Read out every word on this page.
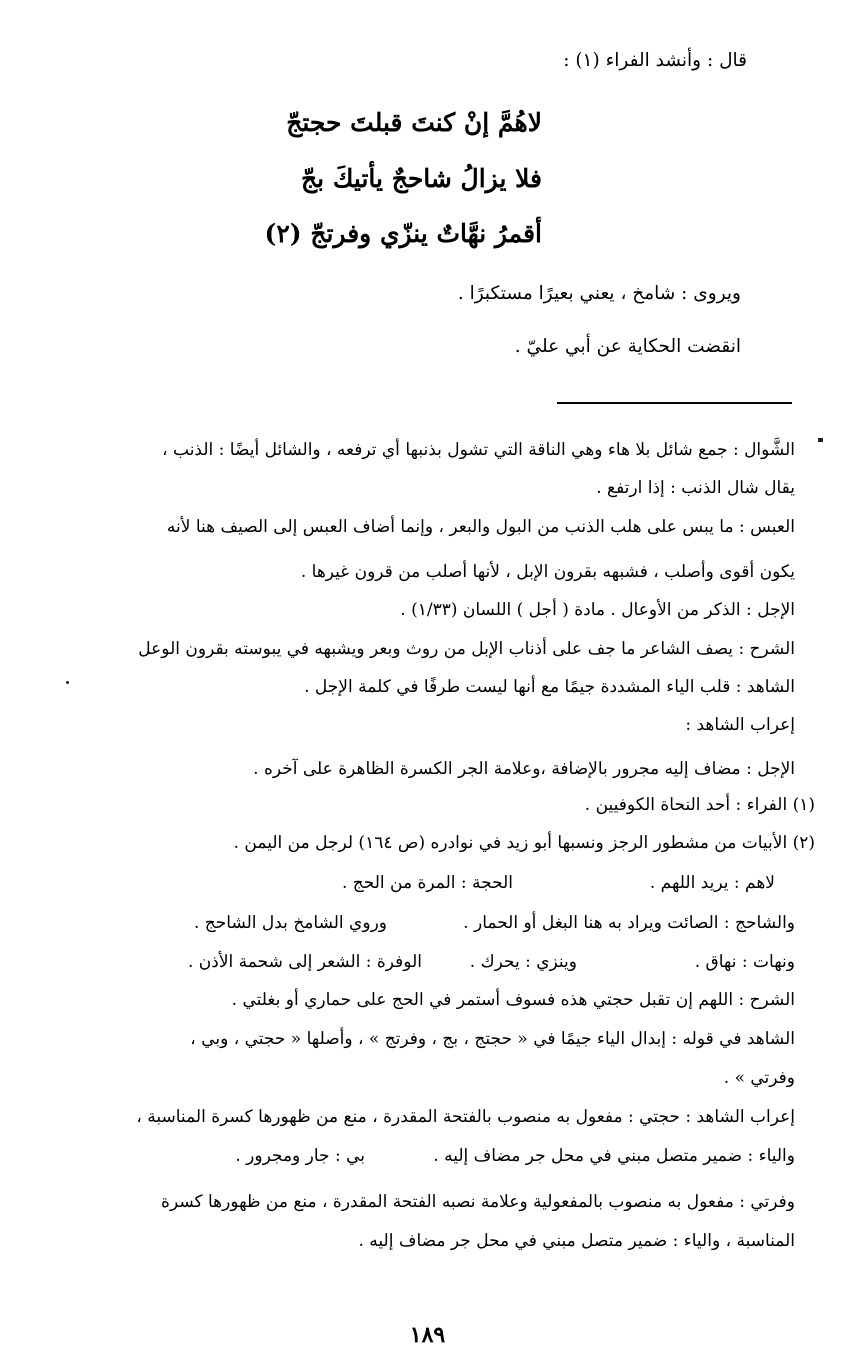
قال : وأنشد الفراء (١) :
لاهُمَّ إنْ كنتَ قبلتَ حجتجّ
فلا يزالُ شاحجٌ يأتيكَ بجّ
أقمرُ نهَّاتٌ ينزّي وفرتجّ (٢)
ويروى : شامخ ، يعني بعيرًا مستكبرًا .
انقضت الحكاية عن أبي عليّ .
الشَّوال : جمع شائل بلا هاء وهي الناقة التي تشول بذنبها أي ترفعه ، والشائل أيضًا : الذنب ،
يقال شال الذنب : إذا ارتفع .
العبس : ما يبس على هلب الذنب من البول والبعر ، وإنما أضاف العبس إلى الصيف هنا لأنه
يكون أقوى وأصلب ، فشبهه بقرون الإبل ، لأنها أصلب من قرون غيرها .
الإجل : الذكر من الأوعال . مادة ( أجل ) اللسان (١/٣٣) .
الشرح : يصف الشاعر ما جف على أذناب الإبل من روث وبعر ويشبهه في يبوسته بقرون الوعل
الشاهد : قلب الياء المشددة جيمًا مع أنها ليست طرفًا في كلمة الإجل .
إعراب الشاهد :
الإجل : مضاف إليه مجرور بالإضافة ،وعلامة الجر الكسرة الظاهرة على آخره .
(١) الفراء : أحد النحاة الكوفيين .
(٢) الأبيات من مشطور الرجز ونسبها أبو زيد في نوادره (ص ١٦٤) لرجل من اليمن .
لاهم : يريد اللهم .
الحجة : المرة من الحج .
والشاحج : الصائت ويراد به هنا البغل أو الحمار .
وروي الشامخ بدل الشاحج .
ونهات : نهاق .
وينزي : يحرك .
الوفرة : الشعر إلى شحمة الأذن .
الشرح : اللهم إن تقبل حجتي هذه فسوف أستمر في الحج على حماري أو بغلتي .
الشاهد في قوله : إبدال الياء جيمًا في « حجتج ، بج ، وفرتج » ، وأصلها « حجتي ، وبي ،
وفرتي » .
إعراب الشاهد : حجتي : مفعول به منصوب بالفتحة المقدرة ، منع من ظهورها كسرة المناسبة ،
والياء : ضمير متصل مبني في محل جر مضاف إليه .
بي : جار ومجرور .
وفرتي : مفعول به منصوب بالمفعولية وعلامة نصبه الفتحة المقدرة ، منع من ظهورها كسرة
المناسبة ، والياء : ضمير متصل مبني في محل جر مضاف إليه .
١٨٩
